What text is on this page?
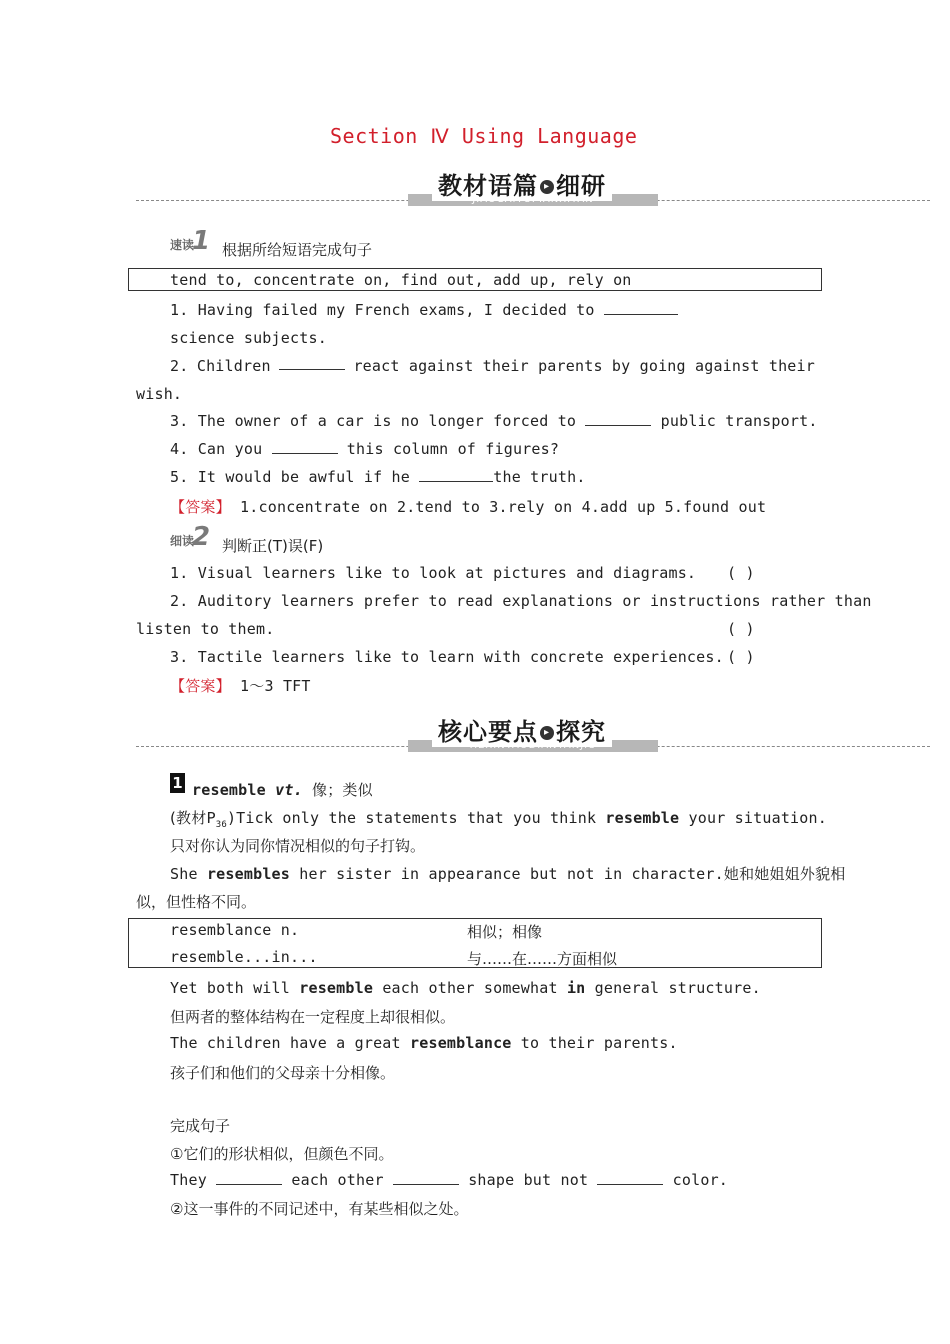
Section Ⅳ Using Language
教材语篇 ▸ 细研
速读1 根据所给短语完成句子
tend to, concentrate on, find out, add up, rely on
1. Having failed my French exams, I decided to
science subjects.
2. Children	react against their parents by going against their
wish.
3. The owner of a car is no longer forced to	public transport.
4. Can you	this column of figures?
5. It would be awful if he	the truth.
【答案】 1.concentrate on 2.tend to 3.rely on 4.add up 5.found out
细读2 判断正(T)误(F)
1. Visual learners like to look at pictures and diagrams. ( )
2. Auditory learners prefer to read explanations or instructions rather than
listen to them.	( )
3. Tactile learners like to learn with concrete experiences. ( )
【答案】 1～3 TFT
核心要点 ▸ 探究
1 resemble vt. 像；类似
(教材$P_{36})Tick$ only the statements that you think resemble your situation.
只对你认为同你情况相似的句子打钩。
She resembles her sister in appearance but not in character.她和她姐姐外貌相
似，但性格不同。
resemblance n.	相似；相像
resemble...in...	与……在……方面相似
Yet both will resemble each other somewhat in general structure.
但两者的整体结构在一定程度上却很相似。
The children have a great resemblance to their parents.
孩子们和他们的父母亲十分相像。
完成句子
①它们的形状相似，但颜色不同。
They	each other	shape but not	color.
②这一事件的不同记述中，有某些相似之处。
